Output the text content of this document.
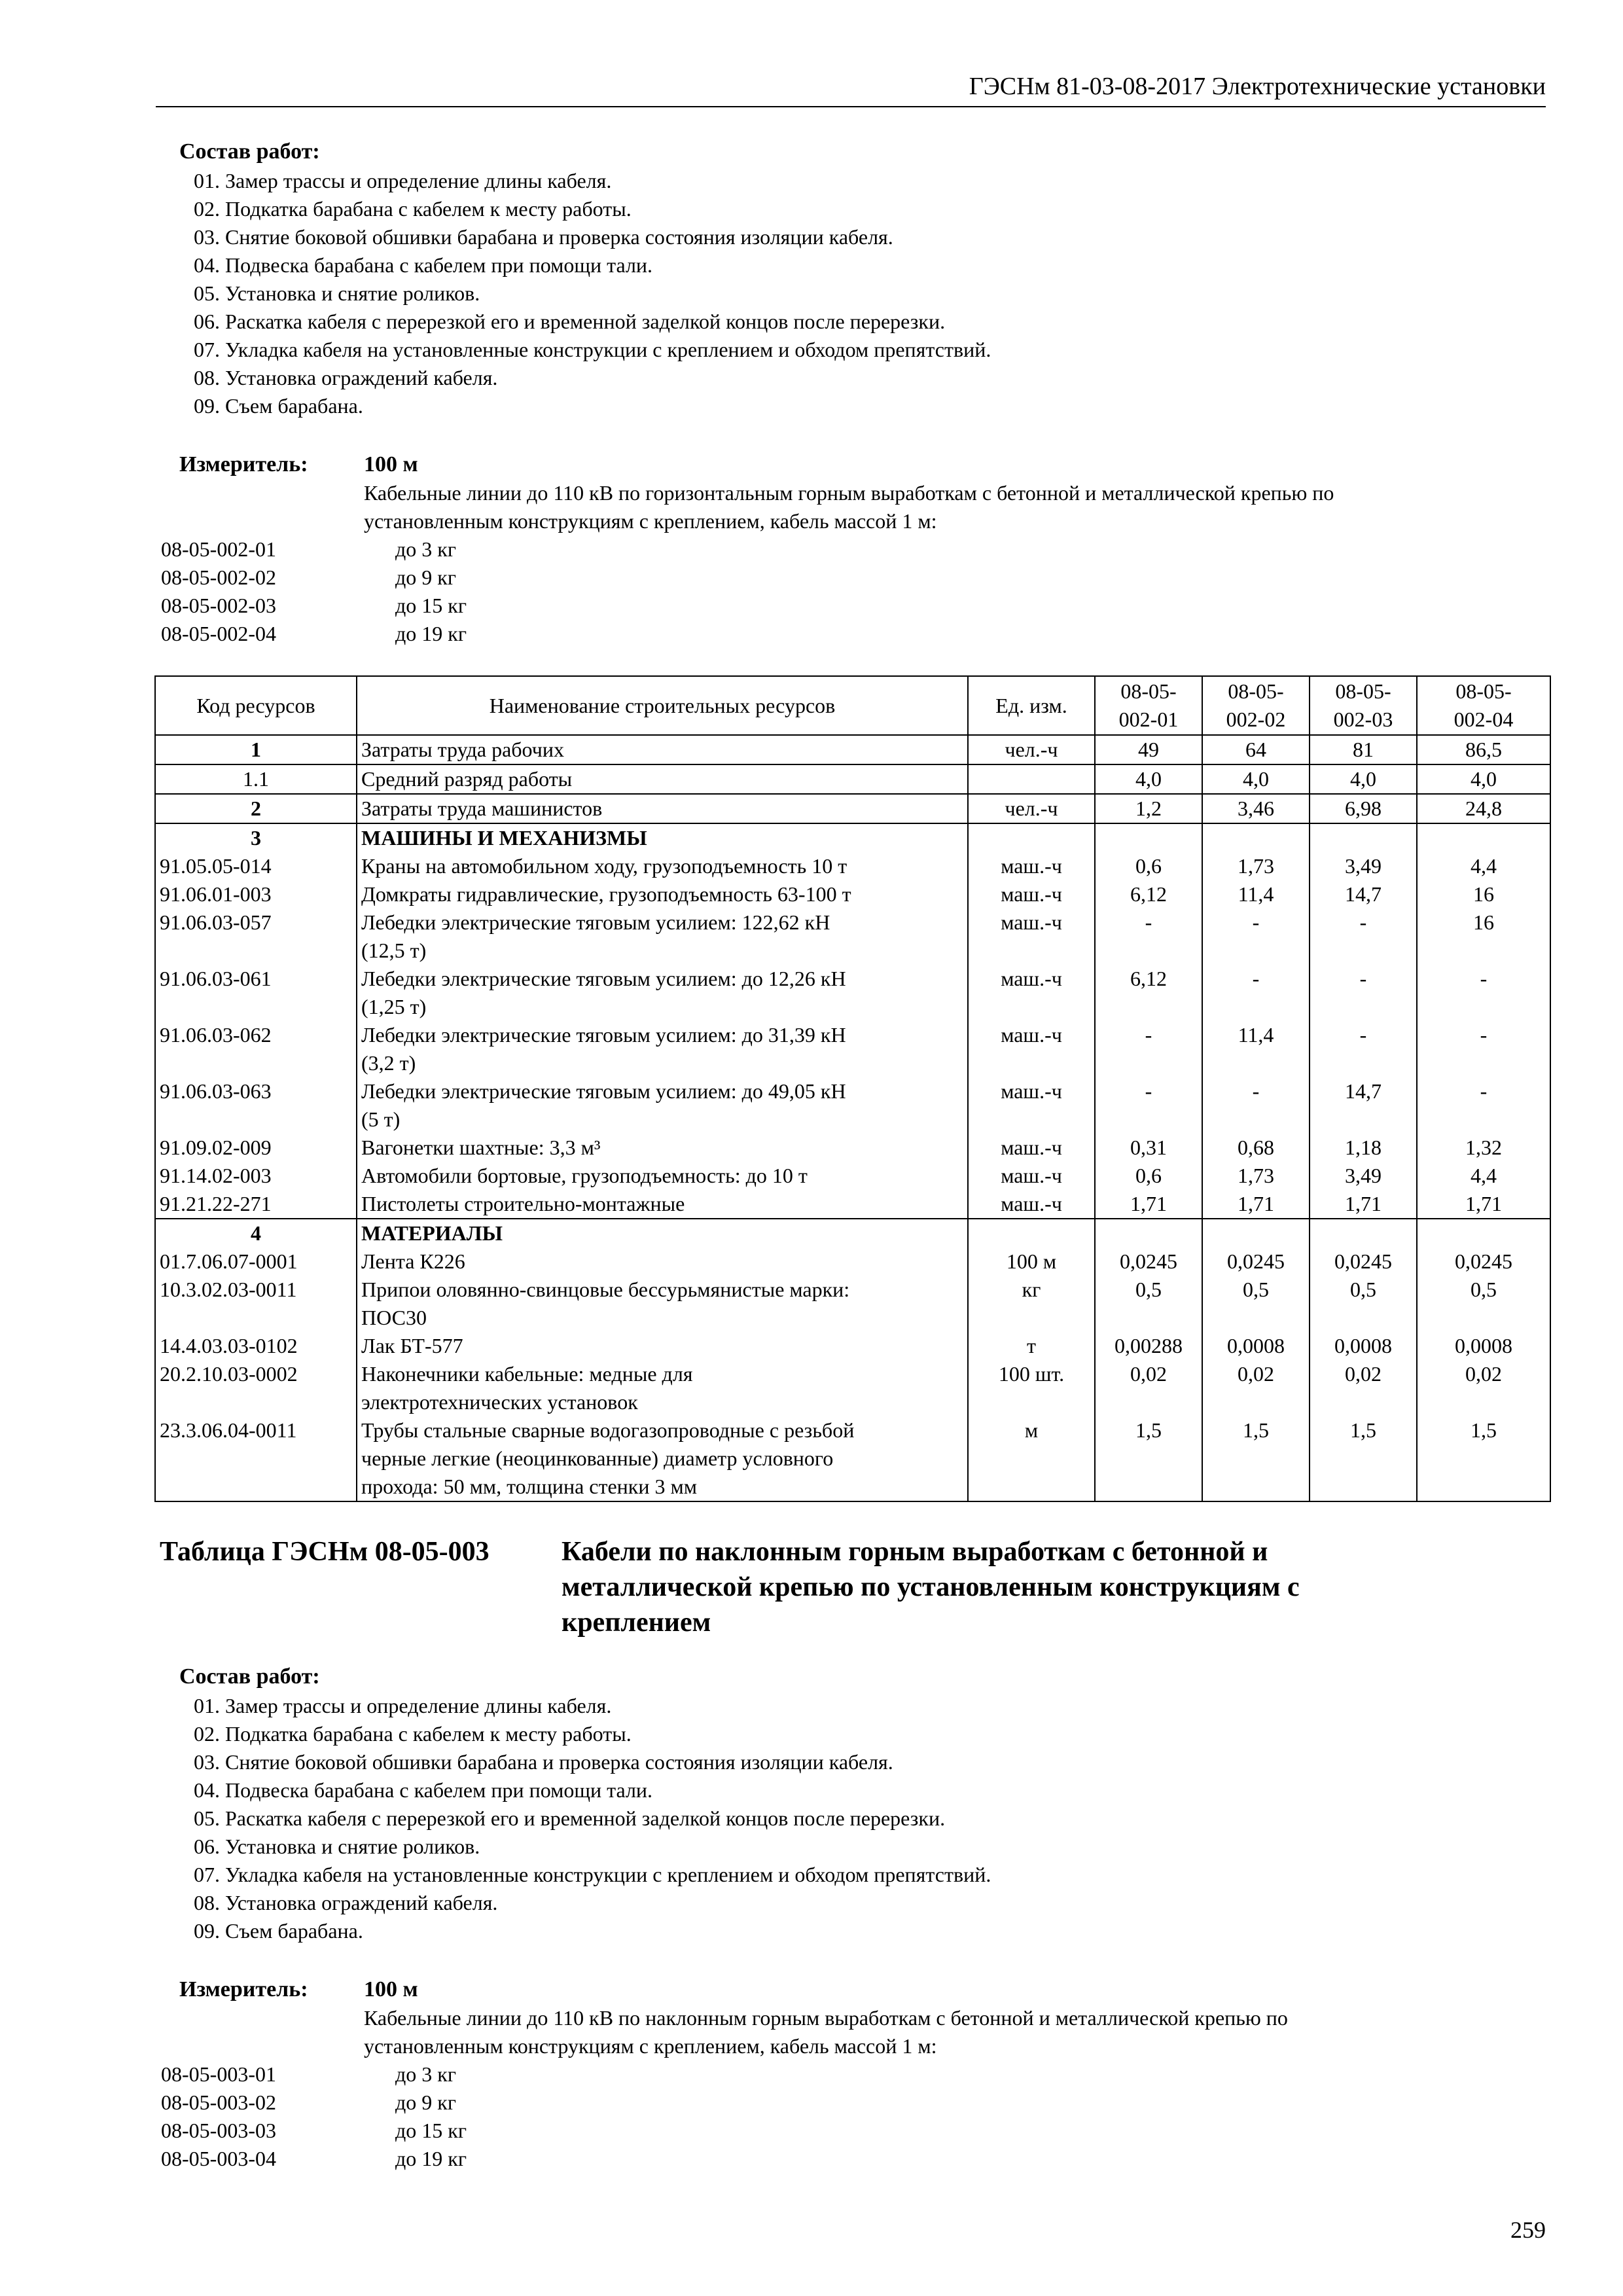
ГЭСНм 81-03-08-2017 Электротехнические установки
Состав работ:
01. Замер трассы и определение длины кабеля.
02. Подкатка барабана с кабелем к месту работы.
03. Снятие боковой обшивки барабана и проверка состояния изоляции кабеля.
04. Подвеска барабана с кабелем при помощи тали.
05. Установка и снятие роликов.
06. Раскатка кабеля с перерезкой его и временной заделкой концов после перерезки.
07. Укладка кабеля на установленные конструкции с креплением и обходом препятствий.
08. Установка ограждений кабеля.
09. Съем барабана.
Измеритель:	100 м
Кабельные линии до 110 кВ по горизонтальным горным выработкам с бетонной и металлической крепью по
установленным конструкциям с креплением, кабель массой 1 м:
08-05-002-01	до 3 кг
08-05-002-02	до 9 кг
08-05-002-03	до 15 кг
08-05-002-04	до 19 кг
Код ресурсов	Наименование строительных ресурсов	Ед. изм.	08-05-
002-01	08-05-
002-02	08-05-
002-03	08-05-
002-04
1	Затраты труда рабочих	чел.-ч	49	64	81	86,5
1.1	Средний разряд работы		4,0	4,0	4,0	4,0
2	Затраты труда машинистов	чел.-ч	1,2	3,46	6,98	24,8
3	МАШИНЫ И МЕХАНИЗМЫ					
91.05.05-014	Краны на автомобильном ходу, грузоподъемность 10 т	маш.-ч	0,6	1,73	3,49	4,4
91.06.01-003	Домкраты гидравлические, грузоподъемность 63-100 т	маш.-ч	6,12	11,4	14,7	16
91.06.03-057	Лебедки электрические тяговым усилием: 122,62 кН
(12,5 т)	маш.-ч	-	-	-	16
91.06.03-061	Лебедки электрические тяговым усилием: до 12,26 кН
(1,25 т)	маш.-ч	6,12	-	-	-
91.06.03-062	Лебедки электрические тяговым усилием: до 31,39 кН
(3,2 т)	маш.-ч	-	11,4	-	-
91.06.03-063	Лебедки электрические тяговым усилием: до 49,05 кН
(5 т)	маш.-ч	-	-	14,7	-
91.09.02-009	Вагонетки шахтные: 3,3 м³	маш.-ч	0,31	0,68	1,18	1,32
91.14.02-003	Автомобили бортовые, грузоподъемность: до 10 т	маш.-ч	0,6	1,73	3,49	4,4
91.21.22-271	Пистолеты строительно-монтажные	маш.-ч	1,71	1,71	1,71	1,71
4	МАТЕРИАЛЫ					
01.7.06.07-0001	Лента К226	100 м	0,0245	0,0245	0,0245	0,0245
10.3.02.03-0011	Припои оловянно-свинцовые бессурьмянистые марки:
ПОС30	кг	0,5	0,5	0,5	0,5
14.4.03.03-0102	Лак БТ-577	т	0,00288	0,0008	0,0008	0,0008
20.2.10.03-0002	Наконечники кабельные: медные для
электротехнических установок	100 шт.	0,02	0,02	0,02	0,02
23.3.06.04-0011	Трубы стальные сварные водогазопроводные с резьбой
черные легкие (неоцинкованные) диаметр условного
прохода: 50 мм, толщина стенки 3 мм	м	1,5	1,5	1,5	1,5
Таблица ГЭСНм 08-05-003	Кабели по наклонным горным выработкам с бетонной и
металлической крепью по установленным конструкциям с
креплением
Состав работ:
01. Замер трассы и определение длины кабеля.
02. Подкатка барабана с кабелем к месту работы.
03. Снятие боковой обшивки барабана и проверка состояния изоляции кабеля.
04. Подвеска барабана с кабелем при помощи тали.
05. Раскатка кабеля с перерезкой его и временной заделкой концов после перерезки.
06. Установка и снятие роликов.
07. Укладка кабеля на установленные конструкции с креплением и обходом препятствий.
08. Установка ограждений кабеля.
09. Съем барабана.
Измеритель:	100 м
Кабельные линии до 110 кВ по наклонным горным выработкам с бетонной и металлической крепью по
установленным конструкциям с креплением, кабель массой 1 м:
08-05-003-01	до 3 кг
08-05-003-02	до 9 кг
08-05-003-03	до 15 кг
08-05-003-04	до 19 кг
259
